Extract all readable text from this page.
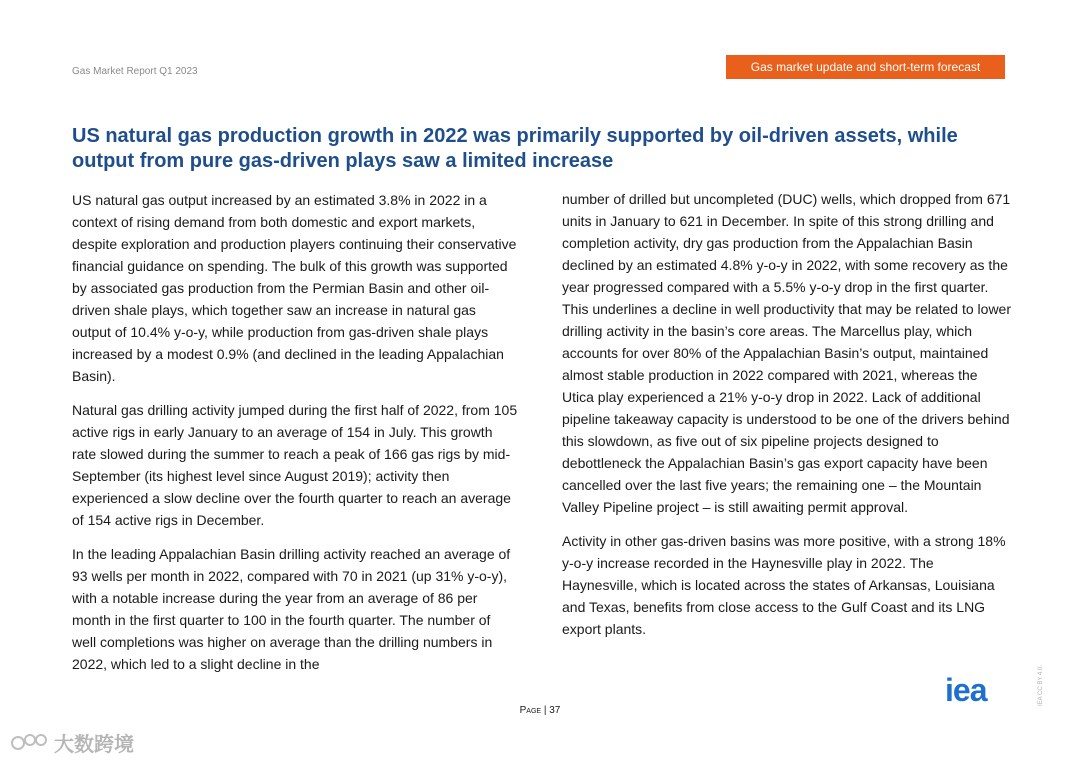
Gas Market Report Q1 2023	Gas market update and short-term forecast
US natural gas production growth in 2022 was primarily supported by oil-driven assets, while output from pure gas-driven plays saw a limited increase

US natural gas output increased by an estimated 3.8% in 2022 in a context of rising demand from both domestic and export markets, despite exploration and production players continuing their conservative financial guidance on spending. The bulk of this growth was supported by associated gas production from the Permian Basin and other oil-driven shale plays, which together saw an increase in natural gas output of 10.4% y-o-y, while production from gas-driven shale plays increased by a modest 0.9% (and declined in the leading Appalachian Basin).

Natural gas drilling activity jumped during the first half of 2022, from 105 active rigs in early January to an average of 154 in July. This growth rate slowed during the summer to reach a peak of 166 gas rigs by mid-September (its highest level since August 2019); activity then experienced a slow decline over the fourth quarter to reach an average of 154 active rigs in December.

In the leading Appalachian Basin drilling activity reached an average of 93 wells per month in 2022, compared with 70 in 2021 (up 31% y-o-y), with a notable increase during the year from an average of 86 per month in the first quarter to 100 in the fourth quarter. The number of well completions was higher on average than the drilling numbers in 2022, which led to a slight decline in the

number of drilled but uncompleted (DUC) wells, which dropped from 671 units in January to 621 in December. In spite of this strong drilling and completion activity, dry gas production from the Appalachian Basin declined by an estimated 4.8% y-o-y in 2022, with some recovery as the year progressed compared with a 5.5% y-o-y drop in the first quarter. This underlines a decline in well productivity that may be related to lower drilling activity in the basin’s core areas. The Marcellus play, which accounts for over 80% of the Appalachian Basin’s output, maintained almost stable production in 2022 compared with 2021, whereas the Utica play experienced a 21% y-o-y drop in 2022. Lack of additional pipeline takeaway capacity is understood to be one of the drivers behind this slowdown, as five out of six pipeline projects designed to debottleneck the Appalachian Basin’s gas export capacity have been cancelled over the last five years; the remaining one – the Mountain Valley Pipeline project – is still awaiting permit approval.

Activity in other gas-driven basins was more positive, with a strong 18% y-o-y increase recorded in the Haynesville play in 2022. The Haynesville, which is located across the states of Arkansas, Louisiana and Texas, benefits from close access to the Gulf Coast and its LNG export plants.

Page | 37
iea	IEA CC BY 4.0.
大数跨境
